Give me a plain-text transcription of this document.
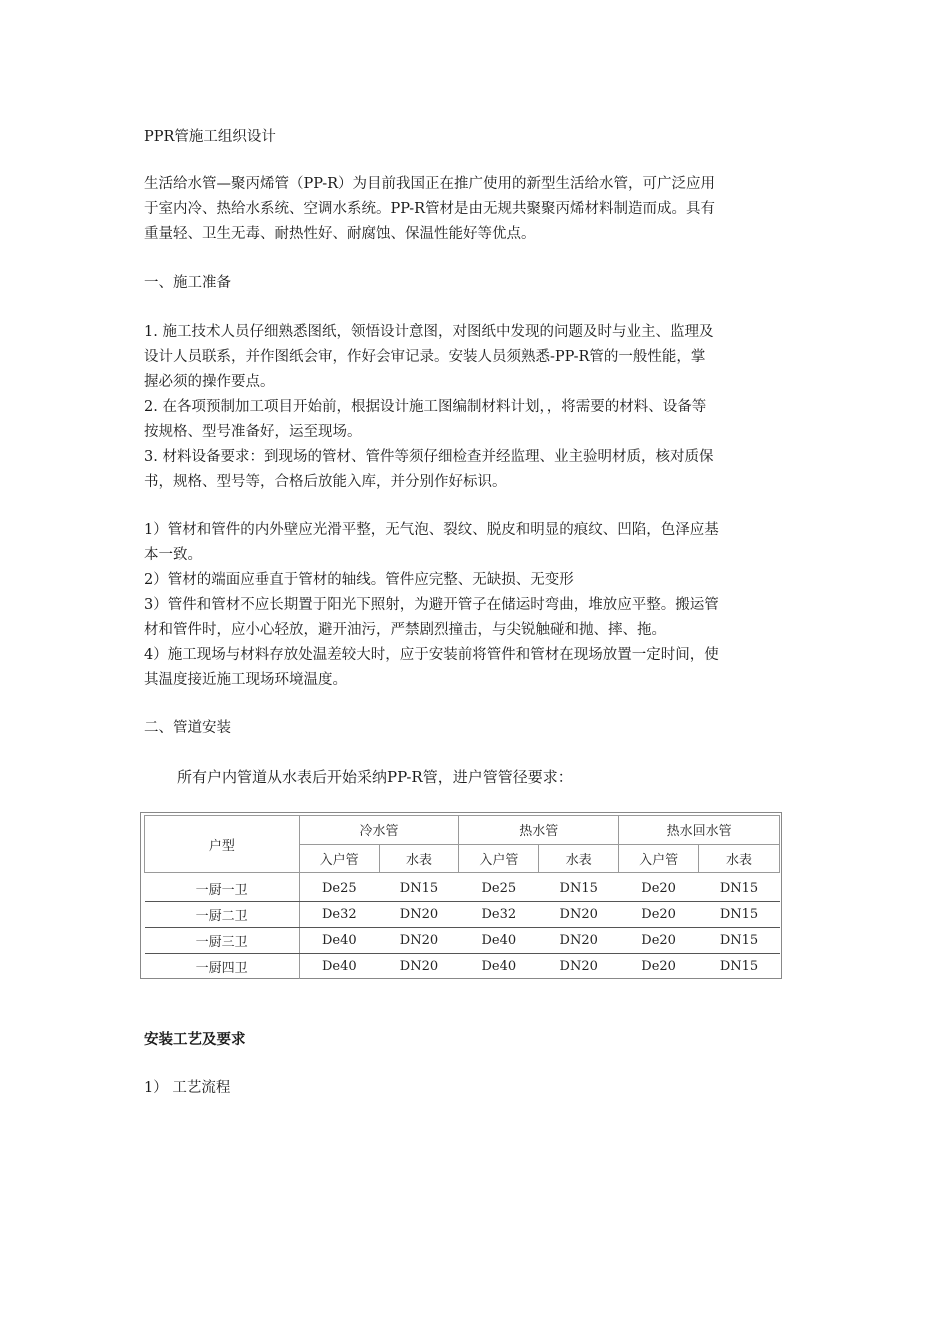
PPR管施工组织设计

生活给水管—聚丙烯管（PP-R）为目前我国正在推广使用的新型生活给水管，可广泛应用

于室内冷、热给水系统、空调水系统。PP-R管材是由无规共聚聚丙烯材料制造而成。具有

重量轻、卫生无毒、耐热性好、耐腐蚀、保温性能好等优点。

一、施工准备

1. 施工技术人员仔细熟悉图纸，领悟设计意图，对图纸中发现的问题及时与业主、监理及

设计人员联系，并作图纸会审，作好会审记录。安装人员须熟悉-PP-R管的一般性能，掌

握必须的操作要点。

2. 在各项预制加工项目开始前，根据设计施工图编制材料计划，，将需要的材料、设备等

按规格、型号准备好，运至现场。

3. 材料设备要求：到现场的管材、管件等须仔细检查并经监理、业主验明材质，核对质保

书，规格、型号等，合格后放能入库，并分别作好标识。

1）管材和管件的内外壁应光滑平整，无气泡、裂纹、脱皮和明显的痕纹、凹陷，色泽应基

本一致。

2）管材的端面应垂直于管材的轴线。管件应完整、无缺损、无变形

3）管件和管材不应长期置于阳光下照射，为避开管子在储运时弯曲，堆放应平整。搬运管

材和管件时，应小心轻放，避开油污，严禁剧烈撞击，与尖锐触碰和抛、摔、拖。

4）施工现场与材料存放处温差较大时，应于安装前将管件和管材在现场放置一定时间，使

其温度接近施工现场环境温度。

二、管道安装

所有户内管道从水表后开始采纳PP-R管，进户管管径要求：

安装工艺及要求

1） 工艺流程

户型	冷水管		热水管		热水回水管	
	入户管	水表	入户管	水表	入户管	水表
一厨一卫	De25	DN15	De25	DN15	De20	DN15
一厨二卫	De32	DN20	De32	DN20	De20	DN15
一厨三卫	De40	DN20	De40	DN20	De20	DN15
一厨四卫	De40	DN20	De40	DN20	De20	DN15
